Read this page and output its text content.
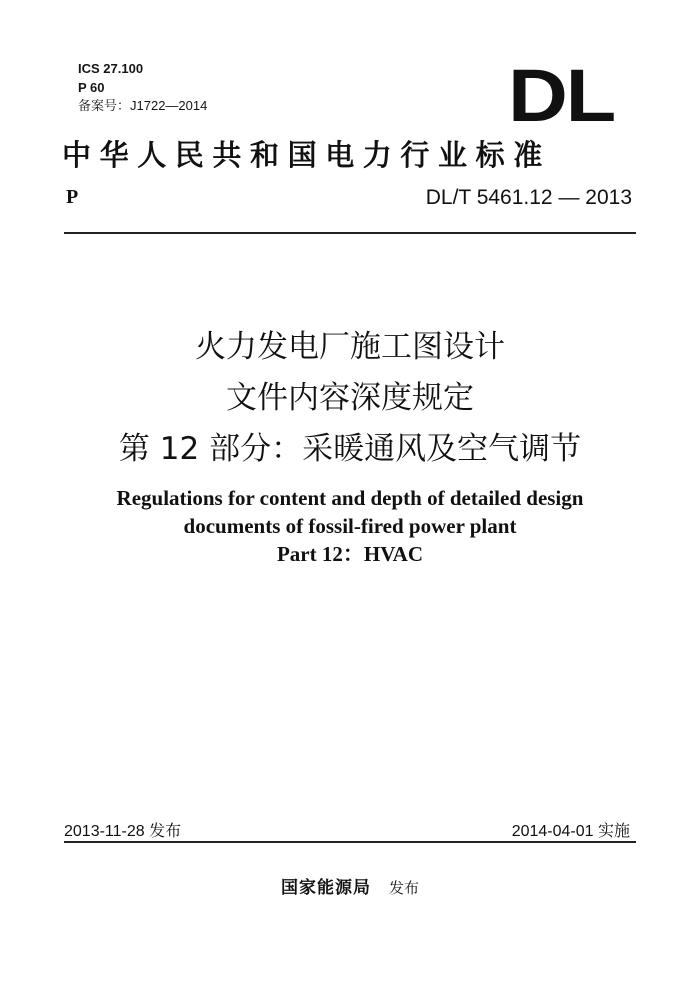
ICS 27.100
P 60
备案号：J1722—2014	DL
中华人民共和国电力行业标准
P	DL/T 5461.12 — 2013
火力发电厂施工图设计
文件内容深度规定
第 12 部分：采暖通风及空气调节
Regulations for content and depth of detailed design
documents of fossil-fired power plant
Part 12：HVAC
2013-11-28 发布	2014-04-01 实施
国家能源局 发布
